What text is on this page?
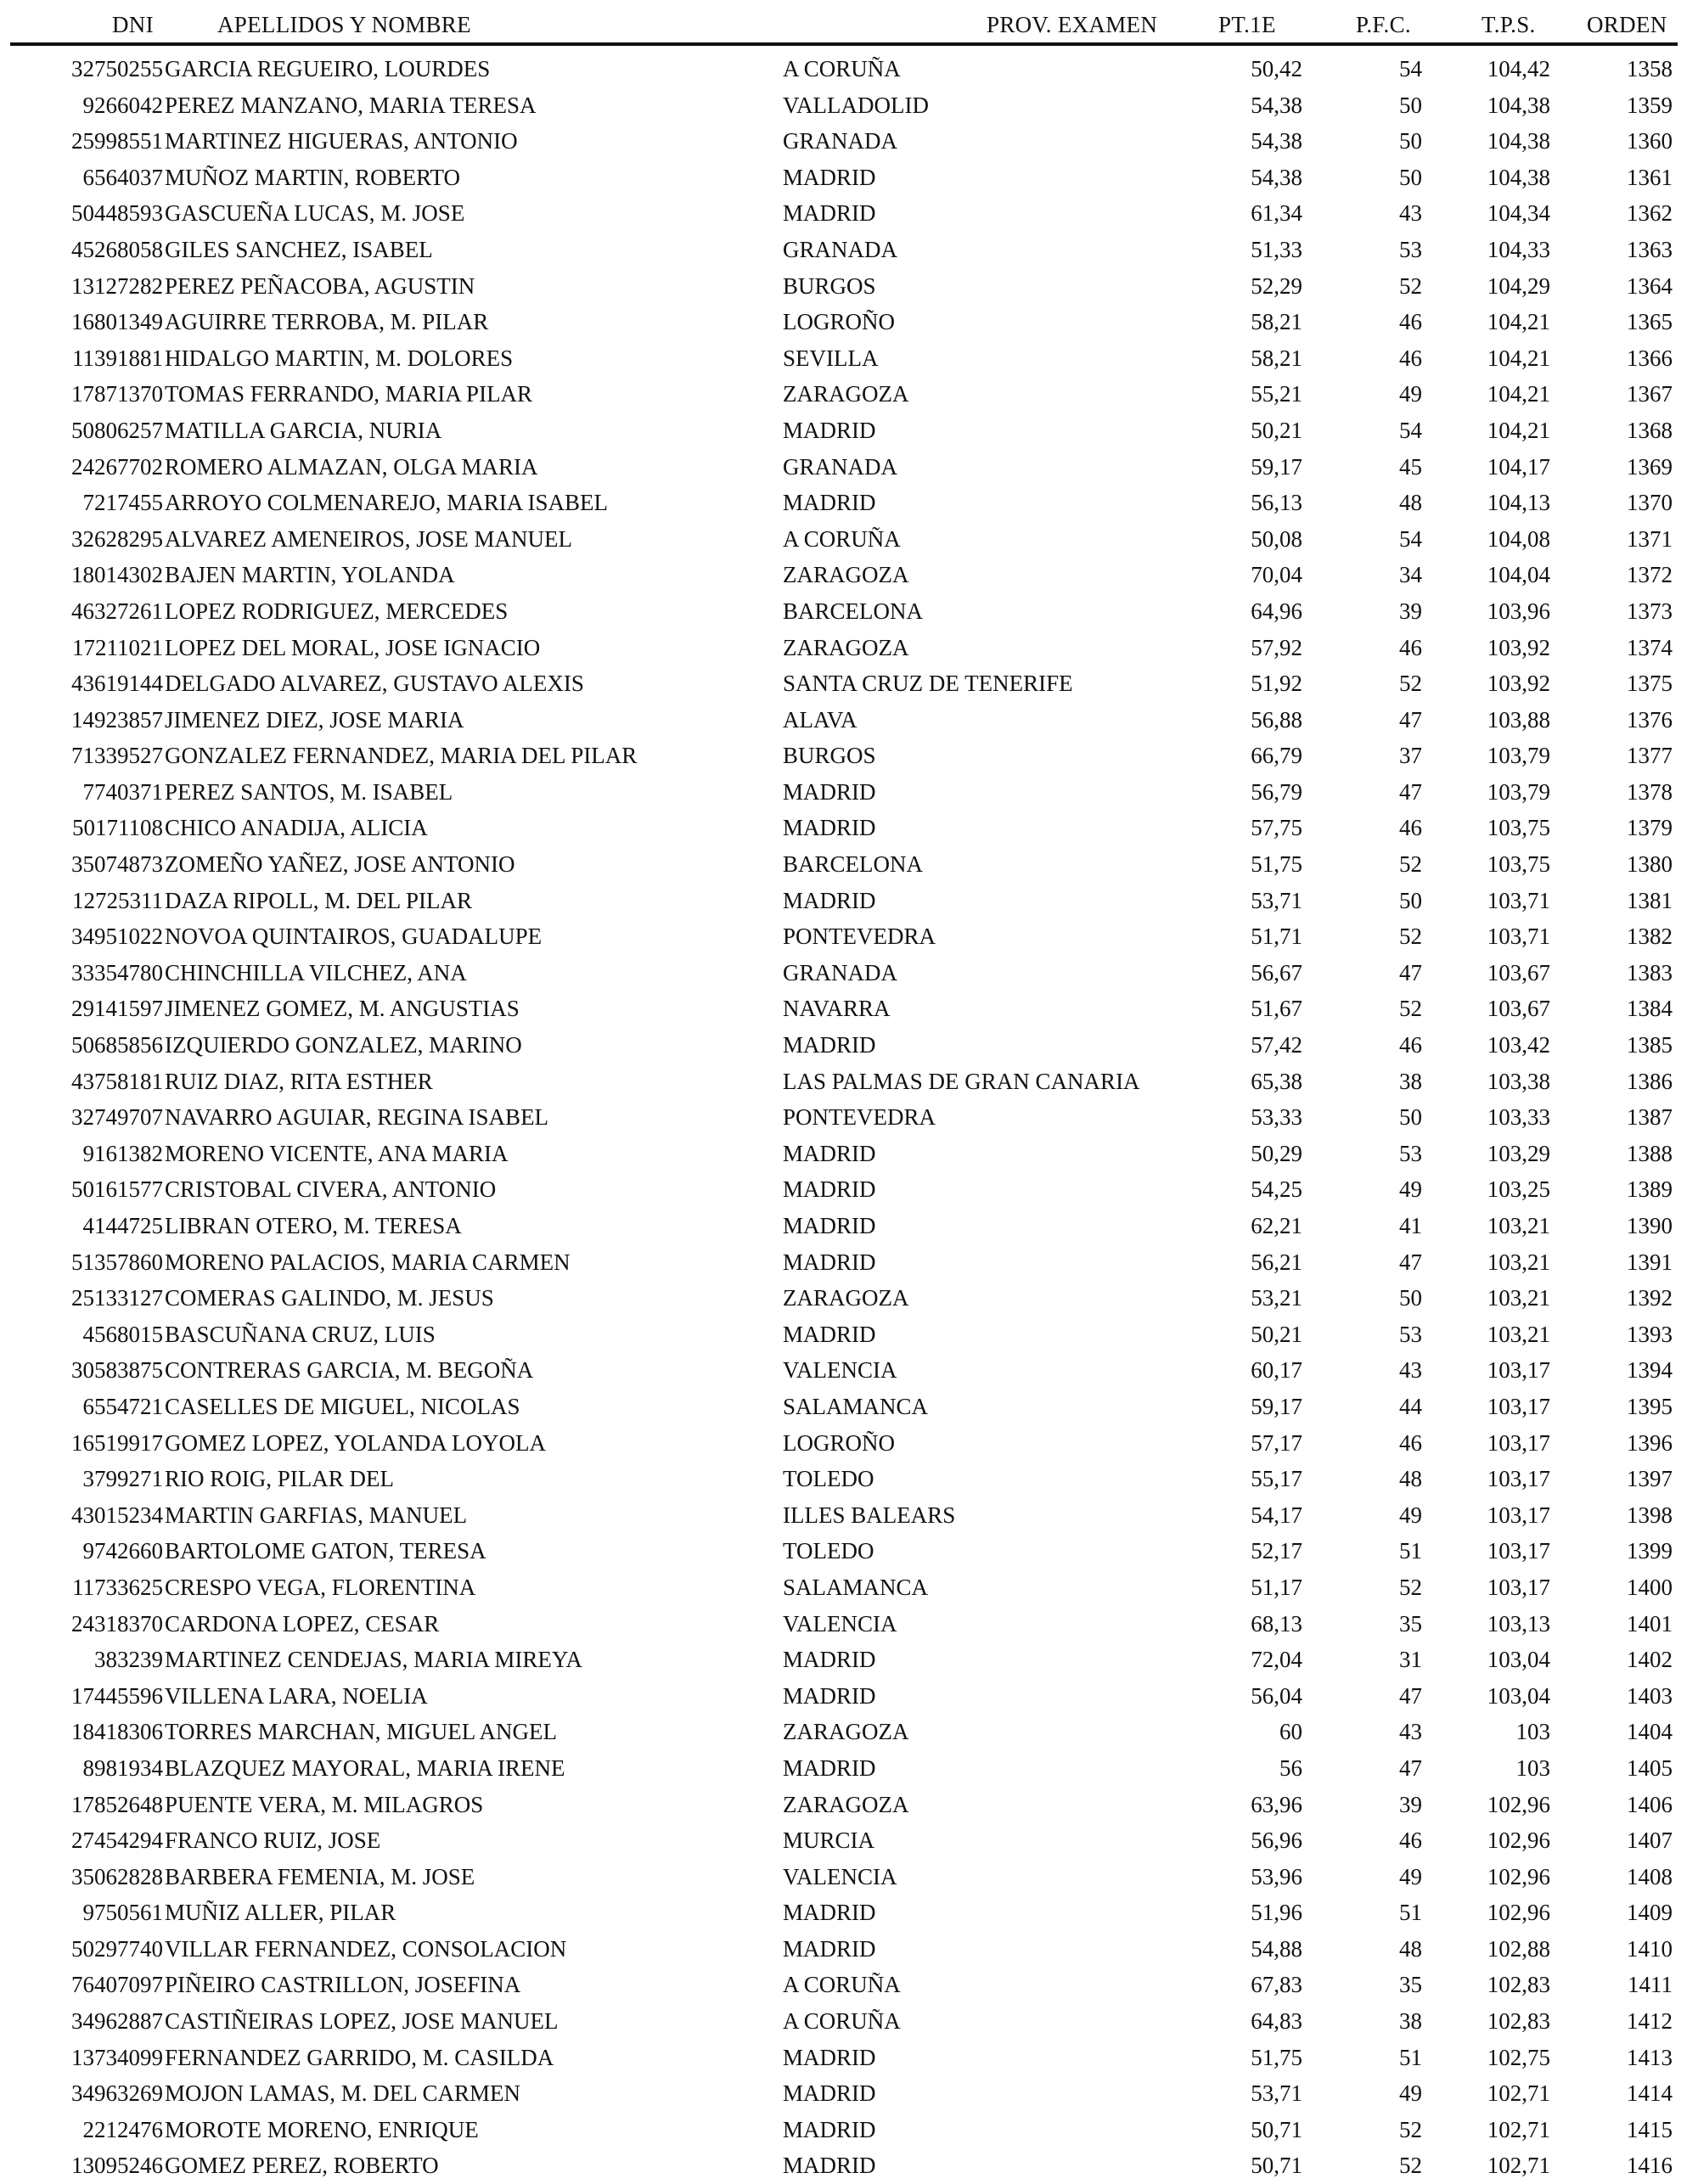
DNI	APELLIDOS Y NOMBRE	PROV. EXAMEN	PT.1E	P.F.C.	T.P.S. ORDEN
32750255 GARCIA REGUEIRO, LOURDES	A CORUÑA	50,42	54	104,42	1358
9266042 PEREZ MANZANO, MARIA TERESA	VALLADOLID	54,38	50	104,38	1359
25998551 MARTINEZ HIGUERAS, ANTONIO	GRANADA	54,38	50	104,38	1360
6564037 MUÑOZ MARTIN, ROBERTO	MADRID	54,38	50	104,38	1361
50448593 GASCUEÑA LUCAS, M. JOSE	MADRID	61,34	43	104,34	1362
45268058 GILES SANCHEZ, ISABEL	GRANADA	51,33	53	104,33	1363
13127282 PEREZ PEÑACOBA, AGUSTIN	BURGOS	52,29	52	104,29	1364
16801349 AGUIRRE TERROBA, M. PILAR	LOGROÑO	58,21	46	104,21	1365
11391881 HIDALGO MARTIN, M. DOLORES	SEVILLA	58,21	46	104,21	1366
17871370 TOMAS FERRANDO, MARIA PILAR	ZARAGOZA	55,21	49	104,21	1367
50806257 MATILLA GARCIA, NURIA	MADRID	50,21	54	104,21	1368
24267702 ROMERO ALMAZAN, OLGA MARIA	GRANADA	59,17	45	104,17	1369
7217455 ARROYO COLMENAREJO, MARIA ISABEL	MADRID	56,13	48	104,13	1370
32628295 ALVAREZ AMENEIROS, JOSE MANUEL	A CORUÑA	50,08	54	104,08	1371
18014302 BAJEN MARTIN, YOLANDA	ZARAGOZA	70,04	34	104,04	1372
46327261 LOPEZ RODRIGUEZ, MERCEDES	BARCELONA	64,96	39	103,96	1373
17211021 LOPEZ DEL MORAL, JOSE IGNACIO	ZARAGOZA	57,92	46	103,92	1374
43619144 DELGADO ALVAREZ, GUSTAVO ALEXIS	SANTA CRUZ DE TENERIFE	51,92	52	103,92	1375
14923857 JIMENEZ DIEZ, JOSE MARIA	ALAVA	56,88	47	103,88	1376
71339527 GONZALEZ FERNANDEZ, MARIA DEL PILAR	BURGOS	66,79	37	103,79	1377
7740371 PEREZ SANTOS, M. ISABEL	MADRID	56,79	47	103,79	1378
50171108 CHICO ANADIJA, ALICIA	MADRID	57,75	46	103,75	1379
35074873 ZOMEÑO YAÑEZ, JOSE ANTONIO	BARCELONA	51,75	52	103,75	1380
12725311 DAZA RIPOLL, M. DEL PILAR	MADRID	53,71	50	103,71	1381
34951022 NOVOA QUINTAIROS, GUADALUPE	PONTEVEDRA	51,71	52	103,71	1382
33354780 CHINCHILLA VILCHEZ, ANA	GRANADA	56,67	47	103,67	1383
29141597 JIMENEZ GOMEZ, M. ANGUSTIAS	NAVARRA	51,67	52	103,67	1384
50685856 IZQUIERDO GONZALEZ, MARINO	MADRID	57,42	46	103,42	1385
43758181 RUIZ DIAZ, RITA ESTHER	LAS PALMAS DE GRAN CANARIA	65,38	38	103,38	1386
32749707 NAVARRO AGUIAR, REGINA ISABEL	PONTEVEDRA	53,33	50	103,33	1387
9161382 MORENO VICENTE, ANA MARIA	MADRID	50,29	53	103,29	1388
50161577 CRISTOBAL CIVERA, ANTONIO	MADRID	54,25	49	103,25	1389
4144725 LIBRAN OTERO, M. TERESA	MADRID	62,21	41	103,21	1390
51357860 MORENO PALACIOS, MARIA CARMEN	MADRID	56,21	47	103,21	1391
25133127 COMERAS GALINDO, M. JESUS	ZARAGOZA	53,21	50	103,21	1392
4568015 BASCUÑANA CRUZ, LUIS	MADRID	50,21	53	103,21	1393
30583875 CONTRERAS GARCIA, M. BEGOÑA	VALENCIA	60,17	43	103,17	1394
6554721 CASELLES DE MIGUEL, NICOLAS	SALAMANCA	59,17	44	103,17	1395
16519917 GOMEZ LOPEZ, YOLANDA LOYOLA	LOGROÑO	57,17	46	103,17	1396
3799271 RIO ROIG, PILAR DEL	TOLEDO	55,17	48	103,17	1397
43015234 MARTIN GARFIAS, MANUEL	ILLES BALEARS	54,17	49	103,17	1398
9742660 BARTOLOME GATON, TERESA	TOLEDO	52,17	51	103,17	1399
11733625 CRESPO VEGA, FLORENTINA	SALAMANCA	51,17	52	103,17	1400
24318370 CARDONA LOPEZ, CESAR	VALENCIA	68,13	35	103,13	1401
383239 MARTINEZ CENDEJAS, MARIA MIREYA	MADRID	72,04	31	103,04	1402
17445596 VILLENA LARA, NOELIA	MADRID	56,04	47	103,04	1403
18418306 TORRES MARCHAN, MIGUEL ANGEL	ZARAGOZA	60	43	103	1404
8981934 BLAZQUEZ MAYORAL, MARIA IRENE	MADRID	56	47	103	1405
17852648 PUENTE VERA, M. MILAGROS	ZARAGOZA	63,96	39	102,96	1406
27454294 FRANCO RUIZ, JOSE	MURCIA	56,96	46	102,96	1407
35062828 BARBERA FEMENIA, M. JOSE	VALENCIA	53,96	49	102,96	1408
9750561 MUÑIZ ALLER, PILAR	MADRID	51,96	51	102,96	1409
50297740 VILLAR FERNANDEZ, CONSOLACION	MADRID	54,88	48	102,88	1410
76407097 PIÑEIRO CASTRILLON, JOSEFINA	A CORUÑA	67,83	35	102,83	1411
34962887 CASTIÑEIRAS LOPEZ, JOSE MANUEL	A CORUÑA	64,83	38	102,83	1412
13734099 FERNANDEZ GARRIDO, M. CASILDA	MADRID	51,75	51	102,75	1413
34963269 MOJON LAMAS, M. DEL CARMEN	MADRID	53,71	49	102,71	1414
2212476 MOROTE MORENO, ENRIQUE	MADRID	50,71	52	102,71	1415
13095246 GOMEZ PEREZ, ROBERTO	MADRID	50,71	52	102,71	1416
